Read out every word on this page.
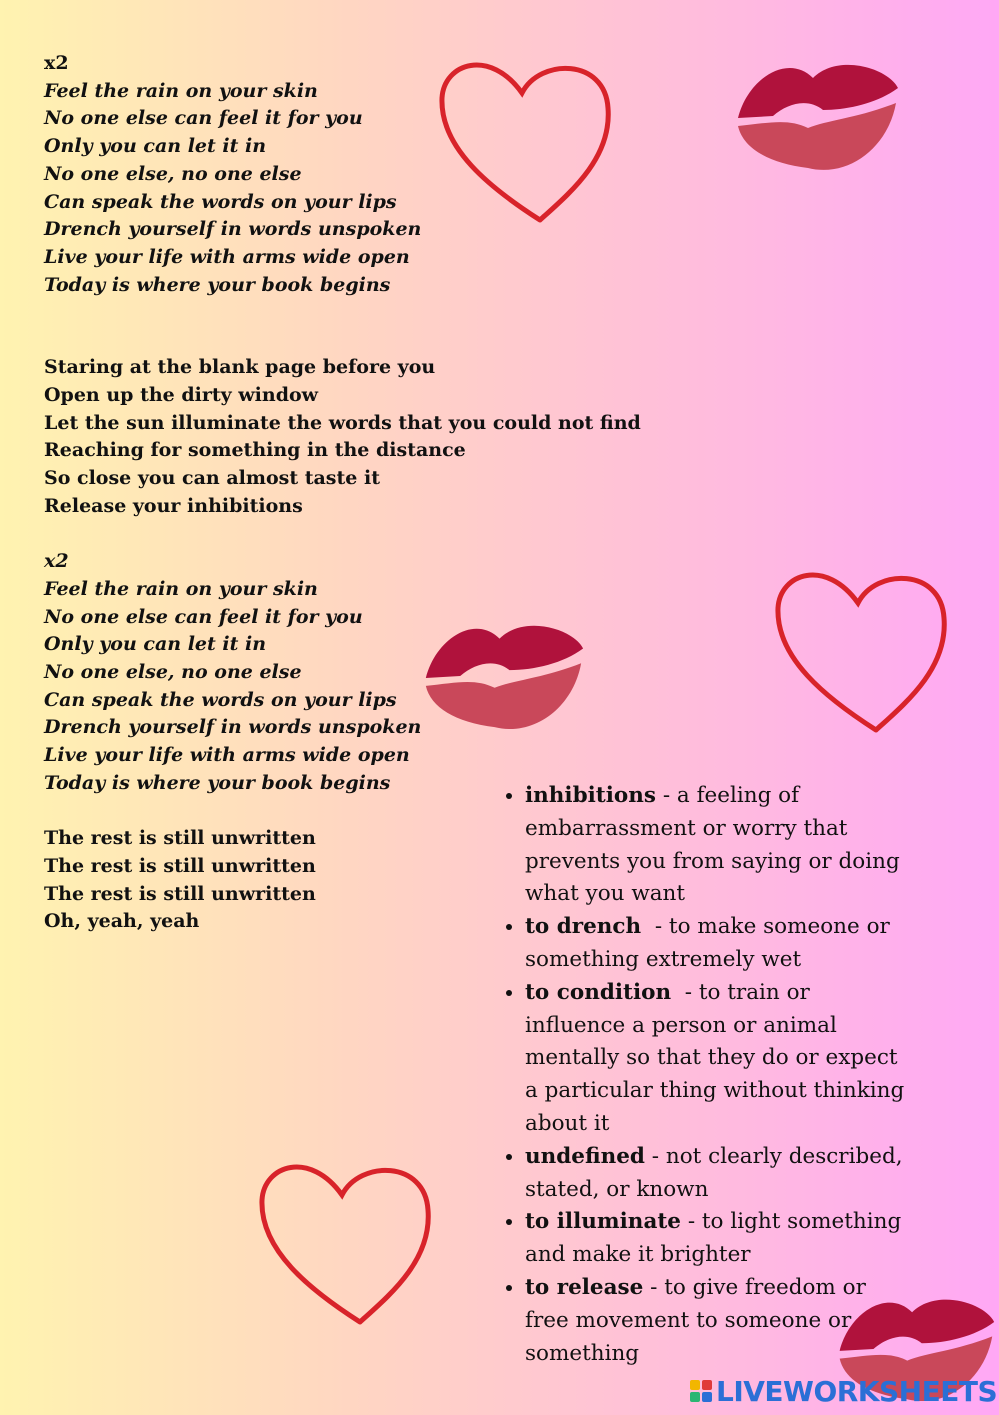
x2
Feel the rain on your skin
No one else can feel it for you
Only you can let it in
No one else, no one else
Can speak the words on your lips
Drench yourself in words unspoken
Live your life with arms wide open
Today is where your book begins
Staring at the blank page before you
Open up the dirty window
Let the sun illuminate the words that you could not find
Reaching for something in the distance
So close you can almost taste it
Release your inhibitions
x2
Feel the rain on your skin
No one else can feel it for you
Only you can let it in
No one else, no one else
Can speak the words on your lips
Drench yourself in words unspoken
Live your life with arms wide open
Today is where your book begins
The rest is still unwritten
The rest is still unwritten
The rest is still unwritten
Oh, yeah, yeah
• inhibitions - a feeling of embarrassment or worry that prevents you from saying or doing what you want
• to drench  - to make someone or something extremely wet
• to condition  - to train or influence a person or animal mentally so that they do or expect a particular thing without thinking about it
• undefined - not clearly described, stated, or known
• to illuminate - to light something and make it brighter
• to release - to give freedom or free movement to someone or something
LIVEWORKSHEETS
